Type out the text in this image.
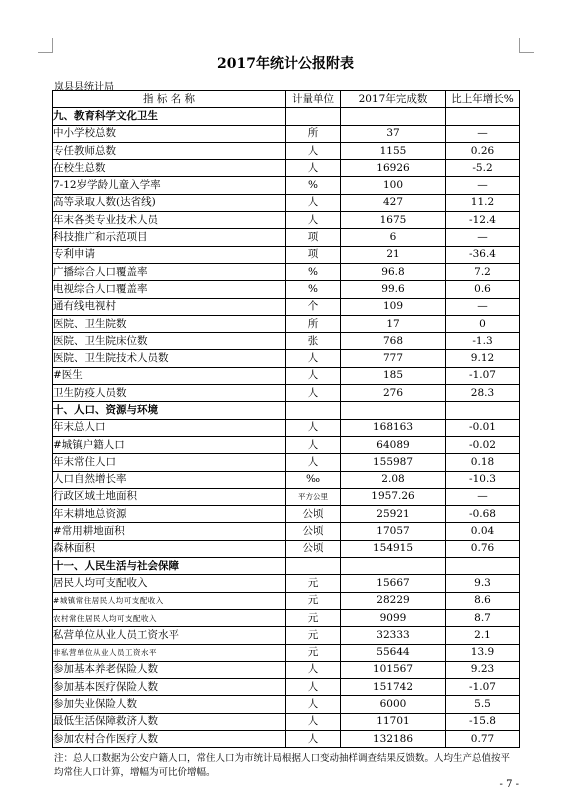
2017年统计公报附表
岚县县统计局
指 标 名 称	计量单位	2017年完成数	比上年增长%
九、教育科学文化卫生			
中小学校总数	所	37	—
专任教师总数	人	1155	0.26
在校生总数	人	16926	-5.2
7-12岁学龄儿童入学率	%	100	—
高等录取人数(达省线)	人	427	11.2
年末各类专业技术人员	人	1675	-12.4
科技推广和示范项目	项	6	—
专利申请	项	21	-36.4
广播综合人口覆盖率	%	96.8	7.2
电视综合人口覆盖率	%	99.6	0.6
通有线电视村	个	109	—
医院、卫生院数	所	17	0
医院、卫生院床位数	张	768	-1.3
医院、卫生院技术人员数	人	777	9.12
#医生	人	185	-1.07
卫生防疫人员数	人	276	28.3
十、人口、资源与环境			
年末总人口	人	168163	-0.01
#城镇户籍人口	人	64089	-0.02
年末常住人口	人	155987	0.18
人口自然增长率	‰	2.08	-10.3
行政区域土地面积	平方公里	1957.26	—
年末耕地总资源	公顷	25921	-0.68
#常用耕地面积	公顷	17057	0.04
森林面积	公顷	154915	0.76
十一、人民生活与社会保障			
居民人均可支配收入	元	15667	9.3
#城镇常住居民人均可支配收入	元	28229	8.6
农村常住居民人均可支配收入	元	9099	8.7
私营单位从业人员工资水平	元	32333	2.1
非私营单位从业人员工资水平	元	55644	13.9
参加基本养老保险人数	人	101567	9.23
参加基本医疗保险人数	人	151742	-1.07
参加失业保险人数	人	6000	5.5
最低生活保障救济人数	人	11701	-15.8
参加农村合作医疗人数	人	132186	0.77
注：总人口数据为公安户籍人口，常住人口为市统计局根据人口变动抽样调查结果反馈数。人均生产总值按平均常住人口计算，增幅为可比价增幅。
- 7 -
